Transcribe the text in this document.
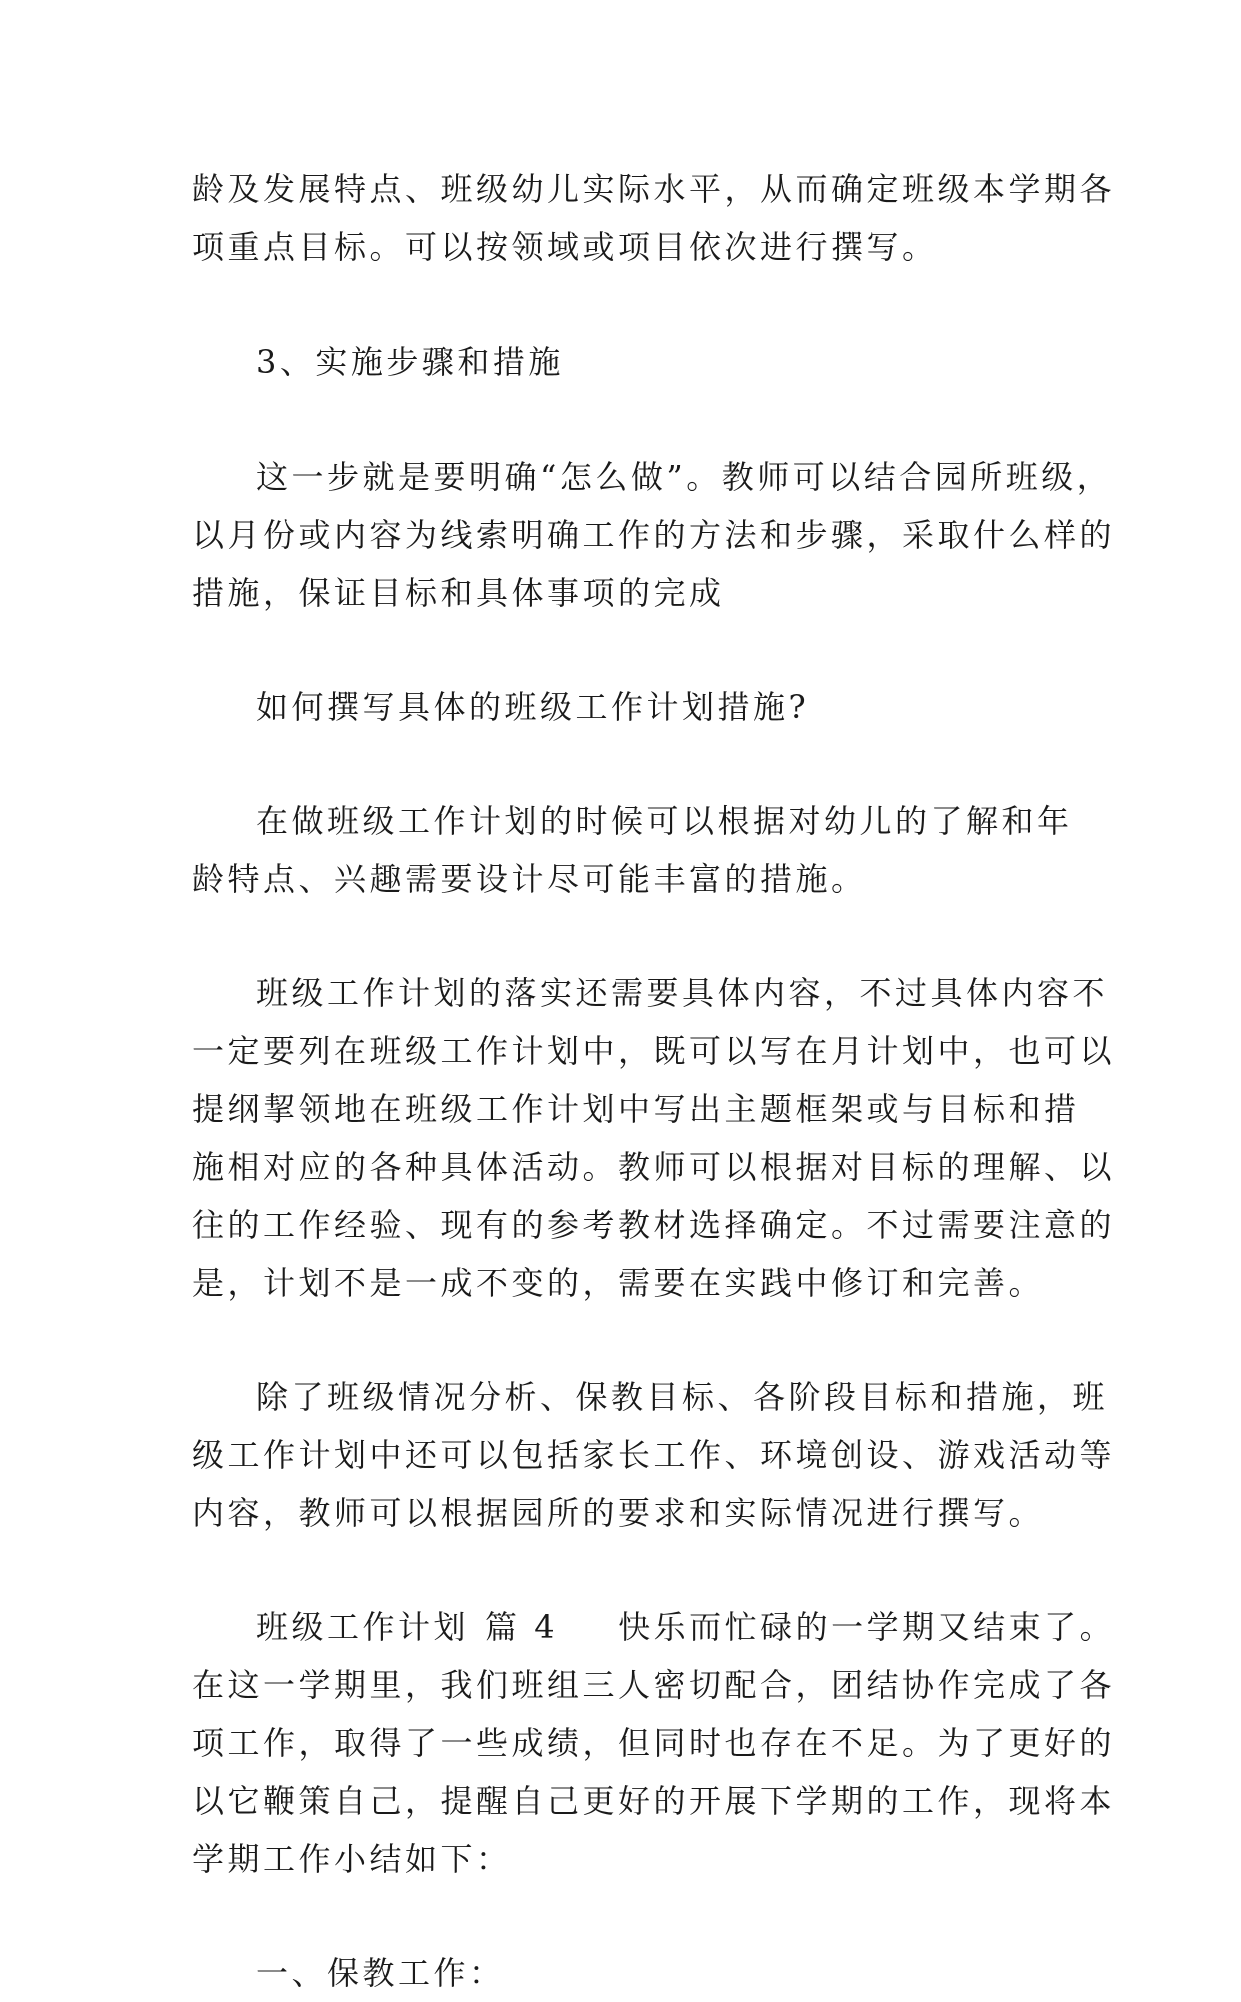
龄及发展特点、班级幼儿实际水平，从而确定班级本学期各
项重点目标。可以按领域或项目依次进行撰写。
3、实施步骤和措施
这一步就是要明确“怎么做”。教师可以结合园所班级，
以月份或内容为线索明确工作的方法和步骤，采取什么样的
措施，保证目标和具体事项的完成
如何撰写具体的班级工作计划措施?
在做班级工作计划的时候可以根据对幼儿的了解和年
龄特点、兴趣需要设计尽可能丰富的措施。
班级工作计划的落实还需要具体内容，不过具体内容不
一定要列在班级工作计划中，既可以写在月计划中，也可以
提纲挈领地在班级工作计划中写出主题框架或与目标和措
施相对应的各种具体活动。教师可以根据对目标的理解、以
往的工作经验、现有的参考教材选择确定。不过需要注意的
是，计划不是一成不变的，需要在实践中修订和完善。
除了班级情况分析、保教目标、各阶段目标和措施，班
级工作计划中还可以包括家长工作、环境创设、游戏活动等
内容，教师可以根据园所的要求和实际情况进行撰写。
班级工作计划 篇 4 快乐而忙碌的一学期又结束了。
在这一学期里，我们班组三人密切配合，团结协作完成了各
项工作，取得了一些成绩，但同时也存在不足。为了更好的
以它鞭策自己，提醒自己更好的开展下学期的工作，现将本
学期工作小结如下：
一、保教工作：
